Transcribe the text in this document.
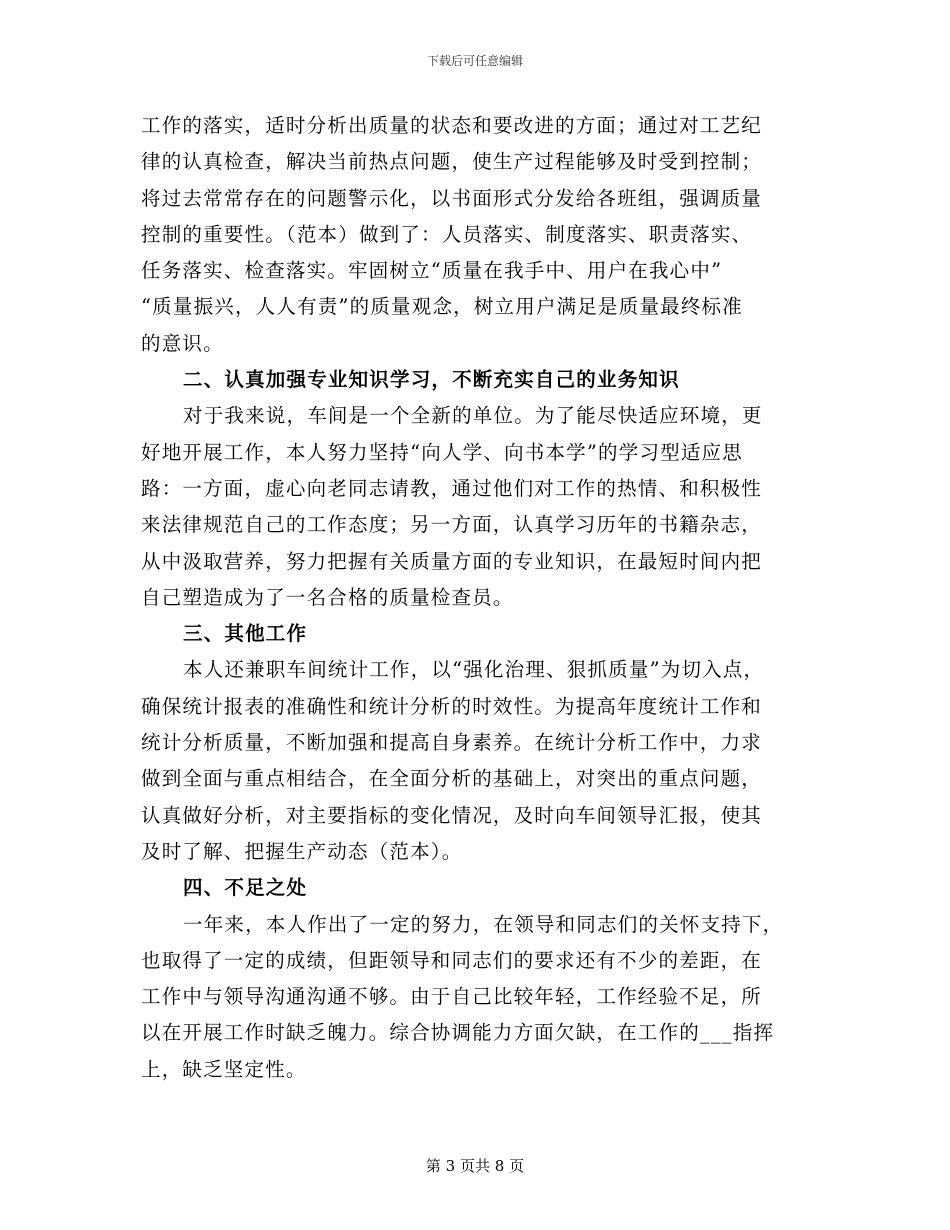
下载后可任意编辑
工作的落实，适时分析出质量的状态和要改进的方面；通过对工艺纪
律的认真检查，解决当前热点问题，使生产过程能够及时受到控制；
将过去常常存在的问题警示化，以书面形式分发给各班组，强调质量
控制的重要性。（范本）做到了：人员落实、制度落实、职责落实、
任务落实、检查落实。牢固树立“质量在我手中、用户在我心中”
“质量振兴，人人有责”的质量观念，树立用户满足是质量最终标准
的意识。
二、认真加强专业知识学习，不断充实自己的业务知识
对于我来说，车间是一个全新的单位。为了能尽快适应环境，更
好地开展工作，本人努力坚持“向人学、向书本学”的学习型适应思
路：一方面，虚心向老同志请教，通过他们对工作的热情、和积极性
来法律规范自己的工作态度；另一方面，认真学习历年的书籍杂志，
从中汲取营养，努力把握有关质量方面的专业知识，在最短时间内把
自己塑造成为了一名合格的质量检查员。
三、其他工作
本人还兼职车间统计工作，以“强化治理、狠抓质量”为切入点，
确保统计报表的准确性和统计分析的时效性。为提高年度统计工作和
统计分析质量，不断加强和提高自身素养。在统计分析工作中，力求
做到全面与重点相结合，在全面分析的基础上，对突出的重点问题，
认真做好分析，对主要指标的变化情况，及时向车间领导汇报，使其
及时了解、把握生产动态（范本）。
四、不足之处
一年来，本人作出了一定的努力，在领导和同志们的关怀支持下，
也取得了一定的成绩，但距领导和同志们的要求还有不少的差距，在
工作中与领导沟通沟通不够。由于自己比较年轻，工作经验不足，所
以在开展工作时缺乏魄力。综合协调能力方面欠缺，在工作的___指挥
上，缺乏坚定性。
第 3 页共 8 页
